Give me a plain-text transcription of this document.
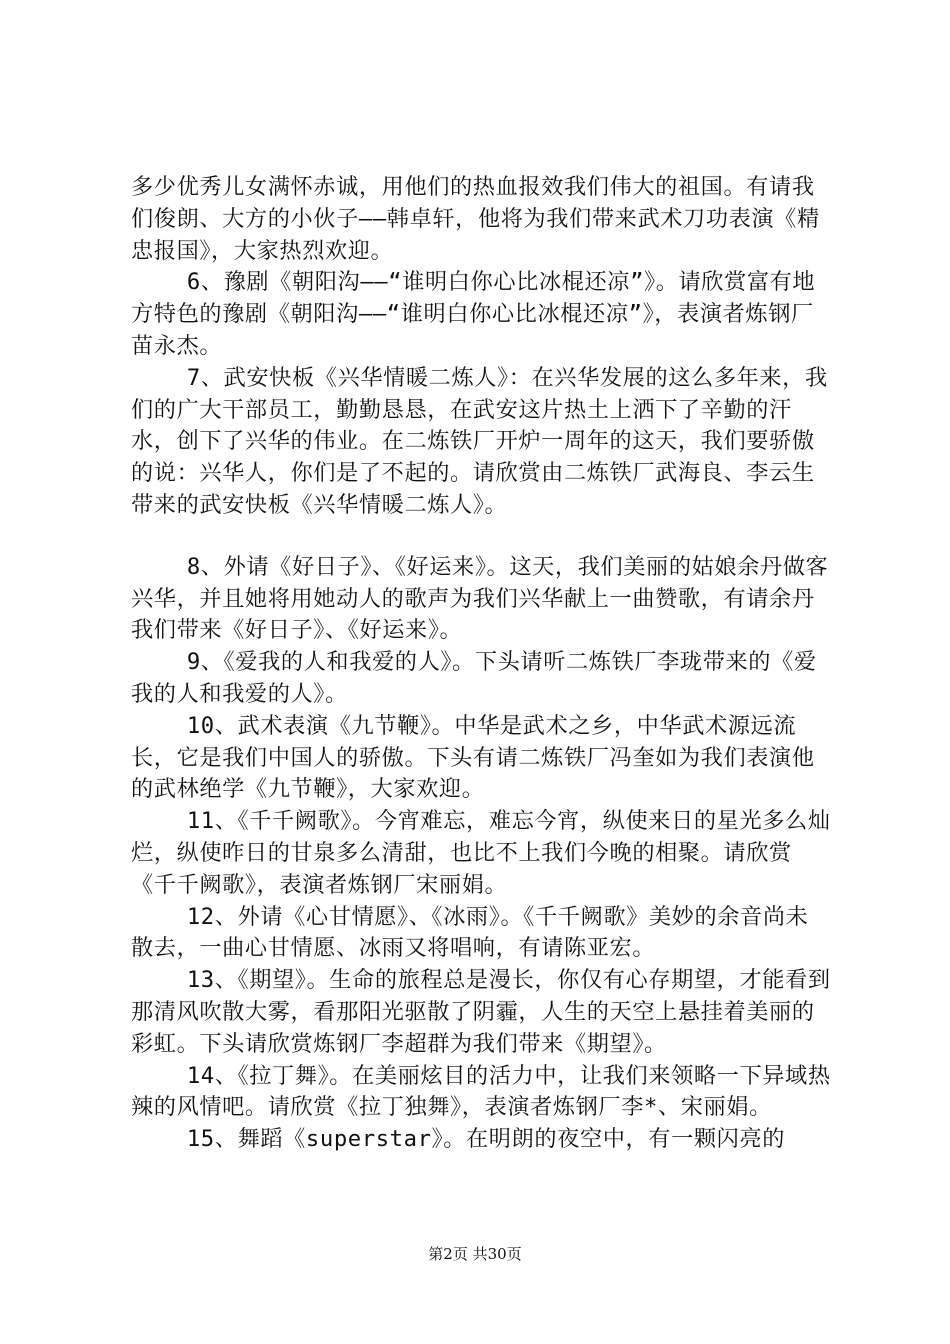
多少优秀儿女满怀赤诚，用他们的热血报效我们伟大的祖国。有请我们俊朗、大方的小伙子——韩卓轩，他将为我们带来武术刀功表演《精忠报国》，大家热烈欢迎。

6、豫剧《朝阳沟——“谁明白你心比冰棍还凉”》。请欣赏富有地方特色的豫剧《朝阳沟——“谁明白你心比冰棍还凉”》，表演者炼钢厂苗永杰。

7、武安快板《兴华情暖二炼人》：在兴华发展的这么多年来，我们的广大干部员工，勤勤恳恳，在武安这片热土上洒下了辛勤的汗水，创下了兴华的伟业。在二炼铁厂开炉一周年的这天，我们要骄傲的说：兴华人，你们是了不起的。请欣赏由二炼铁厂武海良、李云生带来的武安快板《兴华情暖二炼人》。

8、外请《好日子》、《好运来》。这天，我们美丽的姑娘余丹做客兴华，并且她将用她动人的歌声为我们兴华献上一曲赞歌，有请余丹我们带来《好日子》、《好运来》。

9、《爱我的人和我爱的人》。下头请听二炼铁厂李珑带来的《爱我的人和我爱的人》。

10、武术表演《九节鞭》。中华是武术之乡，中华武术源远流长，它是我们中国人的骄傲。下头有请二炼铁厂冯奎如为我们表演他的武林绝学《九节鞭》，大家欢迎。

11、《千千阙歌》。今宵难忘，难忘今宵，纵使来日的星光多么灿烂，纵使昨日的甘泉多么清甜，也比不上我们今晚的相聚。请欣赏《千千阙歌》，表演者炼钢厂宋丽娟。

12、外请《心甘情愿》、《冰雨》。《千千阙歌》美妙的余音尚未散去，一曲心甘情愿、冰雨又将唱响，有请陈亚宏。

13、《期望》。生命的旅程总是漫长，你仅有心存期望，才能看到那清风吹散大雾，看那阳光驱散了阴霾，人生的天空上悬挂着美丽的彩虹。下头请欣赏炼钢厂李超群为我们带来《期望》。

14、《拉丁舞》。在美丽炫目的活力中，让我们来领略一下异域热辣的风情吧。请欣赏《拉丁独舞》，表演者炼钢厂李*、宋丽娟。

15、舞蹈《superstar》。在明朗的夜空中，有一颗闪亮的

第2页 共30页
